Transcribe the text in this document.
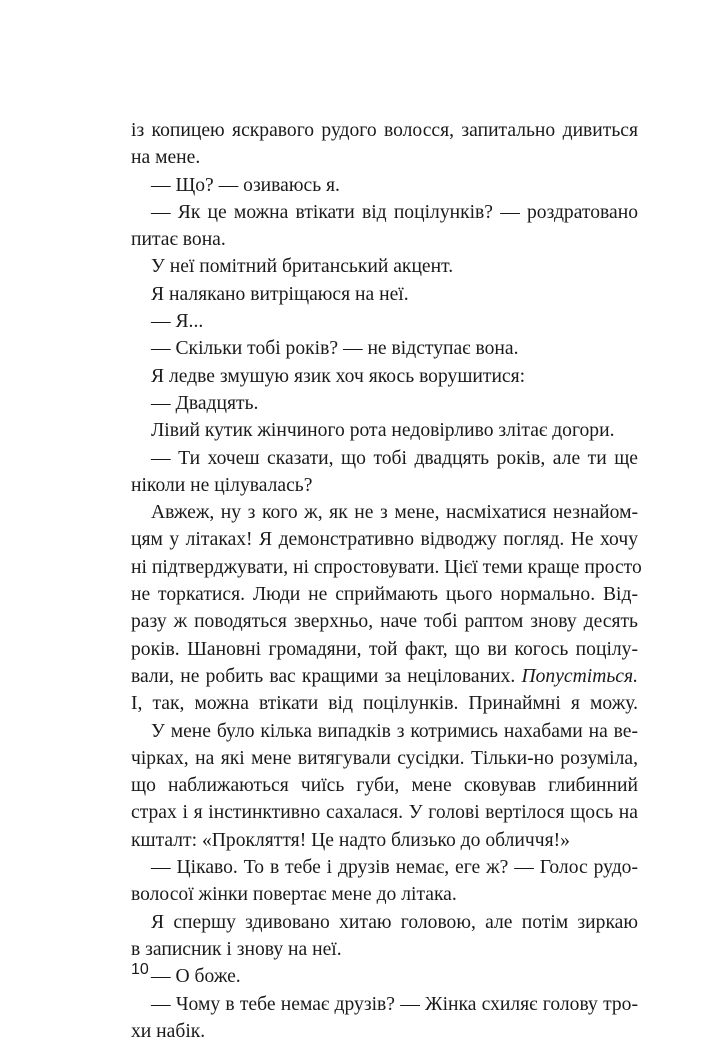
із копицею яскравого рудого волосся, запитально дивиться

на мене.

— Що? — озиваюсь я.

— Як це можна втікати від поцілунків? — роздратовано

питає вона.

У неї помітний британський акцент.

Я налякано витріщаюся на неї.

— Я...

— Скільки тобі років? — не відступає вона.

Я ледве змушую язик хоч якось ворушитися:

— Двадцять.

Лівий кутик жінчиного рота недовірливо злітає догори.

— Ти хочеш сказати, що тобі двадцять років, але ти ще

ніколи не цілувалась?

Авжеж, ну з кого ж, як не з мене, насміхатися незнайом-

цям у літаках! Я демонстративно відводжу погляд. Не хочу

ні підтверджувати, ні спростовувати. Цієї теми краще просто

не торкатися. Люди не сприймають цього нормально. Від-

разу ж поводяться зверхньо, наче тобі раптом знову десять

років. Шановні громадяни, той факт, що ви когось поцілу-

вали, не робить вас кращими за нецілованих. Попустіться.

І, так, можна втікати від поцілунків. Принаймні я можу.

У мене було кілька випадків з котримись нахабами на ве-

чірках, на які мене витягували сусідки. Тільки-но розуміла,

що наближаються чиїсь губи, мене сковував глибинний

страх і я інстинктивно сахалася. У голові вертілося щось на

кшталт: «Прокляття! Це надто близько до обличчя!»

— Цікаво. То в тебе і друзів немає, еге ж? — Голос рудо-

волосої жінки повертає мене до літака.

Я спершу здивовано хитаю головою, але потім зиркаю

в записник і знову на неї.

— О боже.

— Чому в тебе немає друзів? — Жінка схиляє голову тро-

хи набік.

10
